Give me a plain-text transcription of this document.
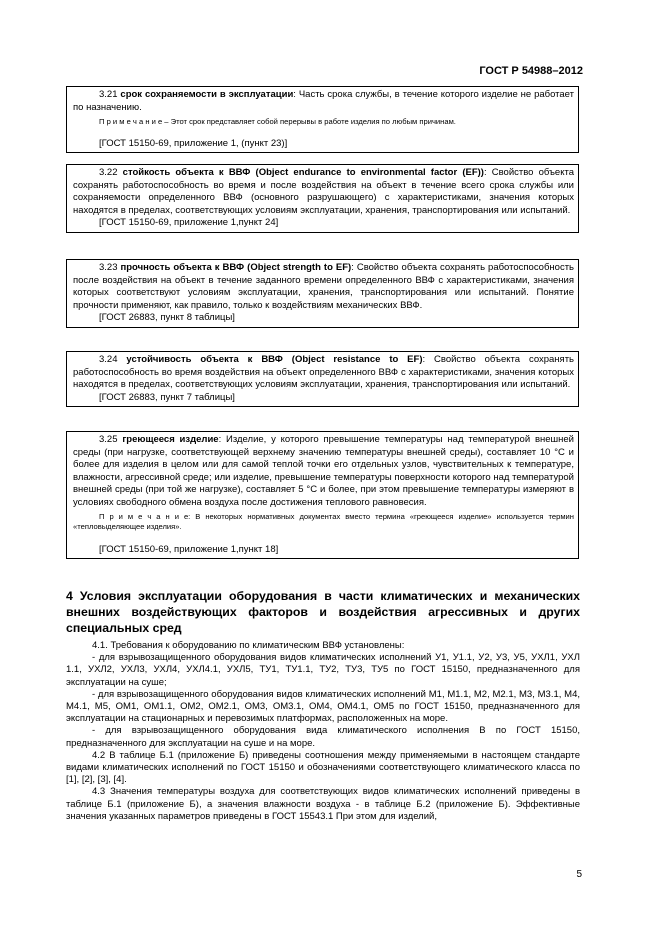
ГОСТ Р 54988–2012

3.21 срок сохраняемости в эксплуатации: Часть срока службы, в течение которого изделие не работает по назначению.

П р и м е ч а н и е – Этот срок представляет собой перерывы в работе изделия по любым причинам.

[ГОСТ 15150-69, приложение 1, (пункт 23)]

3.22 стойкость объекта к ВВФ (Object endurance to environmental factor (EF)): Свойство объекта сохранять работоспособность во время и после воздействия на объект в течение всего срока службы или сохраняемости определенного ВВФ (основного разрушающего) с характеристиками, значения которых находятся в пределах, соответствующих условиям эксплуатации, хранения, транспортирования или испытаний.

[ГОСТ 15150-69, приложение 1,пункт 24]

3.23 прочность объекта к ВВФ (Object strength to EF): Свойство объекта сохранять работоспособность после воздействия на объект в течение заданного времени определенного ВВФ с характеристиками, значения которых соответствуют условиям эксплуатации, хранения, транспортирования или испытаний. Понятие прочности применяют, как правило, только к воздействиям механических ВВФ.

[ГОСТ 26883, пункт 8 таблицы]

3.24 устойчивость объекта к ВВФ (Object resistance to EF): Свойство объекта сохранять работоспособность во время воздействия на объект определенного ВВФ с характеристиками, значения которых находятся в пределах, соответствующих условиям эксплуатации, хранения, транспортирования или испытаний.

[ГОСТ 26883, пункт 7 таблицы]

3.25 греющееся изделие: Изделие, у которого превышение температуры над температурой внешней среды (при нагрузке, соответствующей верхнему значению температуры внешней среды), составляет 10 °С и более для изделия в целом или для самой теплой точки его отдельных узлов, чувствительных к температуре, влажности, агрессивной среде; или изделие, превышение температуры поверхности которого над температурой внешней среды (при той же нагрузке), составляет 5 °С и более, при этом превышение температуры измеряют в условиях свободного обмена воздуха после достижения теплового равновесия.

П р и м е ч а н и е: В некоторых нормативных документах вместо термина «греющееся изделие» используется термин «тепловыделяющее изделия».

[ГОСТ 15150-69, приложение 1,пункт 18]

4 Условия эксплуатации оборудования в части климатических и механических внешних воздействующих факторов и воздействия агрессивных и других специальных сред

4.1. Требования к оборудованию по климатическим ВВФ установлены:

- для взрывозащищенного оборудования видов климатических исполнений У1, У1.1, У2, У3, У5, УХЛ1, УХЛ 1.1, УХЛ2, УХЛ3, УХЛ4, УХЛ4.1, УХЛ5, ТУ1, ТУ1.1, ТУ2, ТУ3, ТУ5 по ГОСТ 15150, предназначенного для эксплуатации на суше;

- для взрывозащищенного оборудования видов климатических исполнений М1, М1.1, М2, М2.1, М3, М3.1, М4, М4.1, М5, ОМ1, ОМ1.1, ОМ2, ОМ2.1, ОМ3, ОМ3.1, ОМ4, ОМ4.1, ОМ5 по ГОСТ 15150, предназначенного для эксплуатации на стационарных и перевозимых платформах, расположенных на море.

- для взрывозащищенного оборудования вида климатического исполнения В по ГОСТ 15150, предназначенного для эксплуатации на суше и на море.

4.2 В таблице Б.1 (приложение Б) приведены соотношения между применяемыми в настоящем стандарте видами климатических исполнений по ГОСТ 15150 и обозначениями соответствующего климатического класса по [1], [2], [3], [4].

4.3 Значения температуры воздуха для соответствующих видов климатических исполнений приведены в таблице Б.1 (приложение Б), а значения влажности воздуха - в таблице Б.2 (приложение Б). Эффективные значения указанных параметров приведены в ГОСТ 15543.1 При этом для изделий,

5
